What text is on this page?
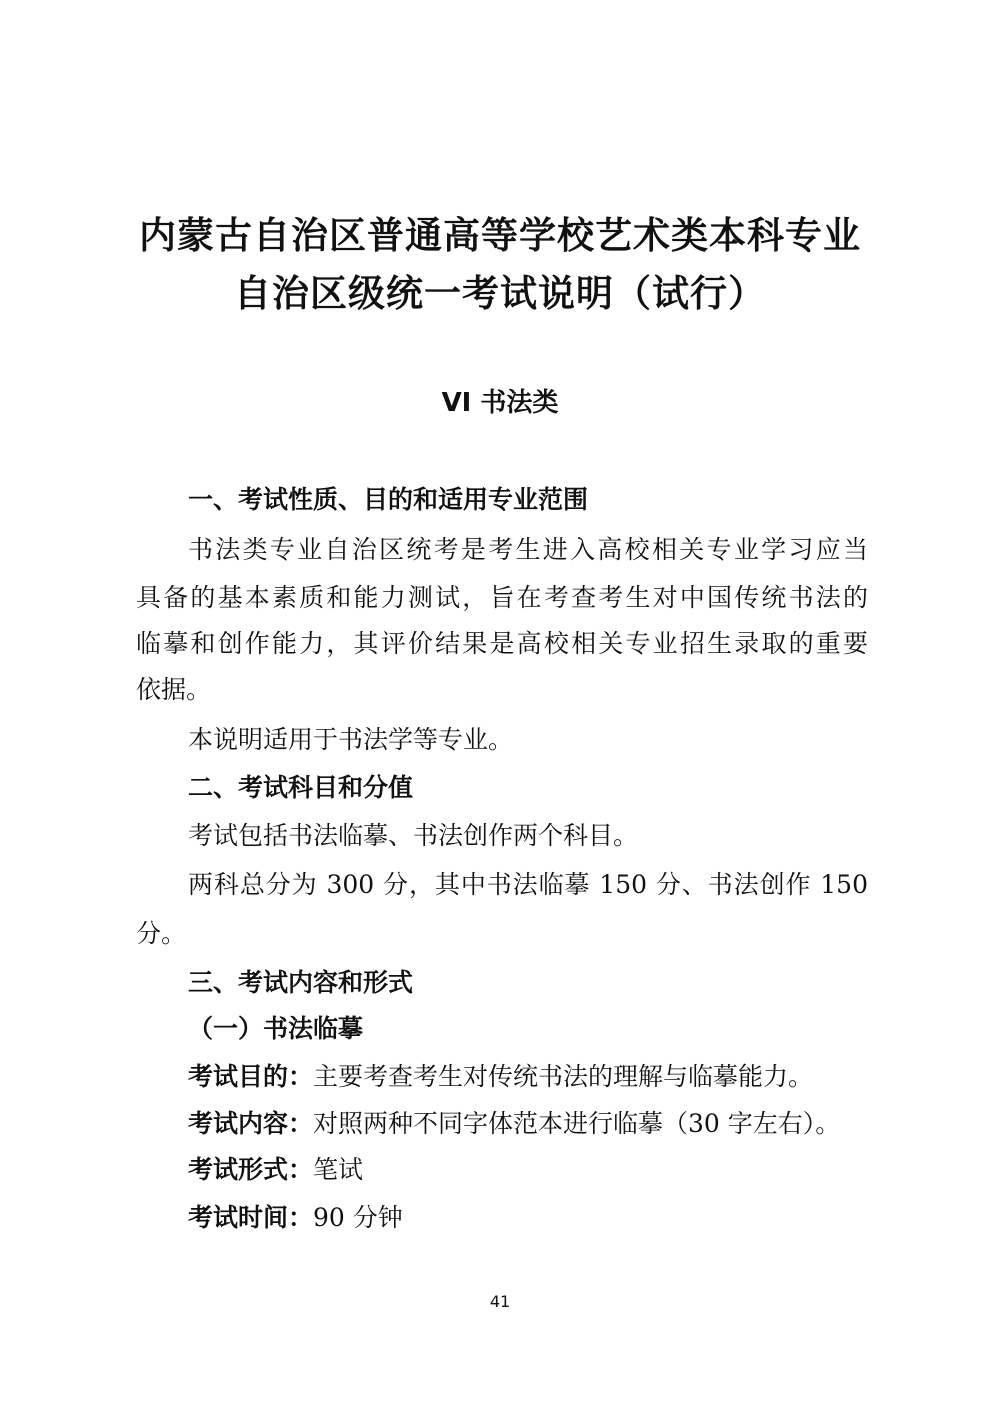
内蒙古自治区普通高等学校艺术类本科专业
自治区级统一考试说明（试行）
VI 书法类

一、考试性质、目的和适用专业范围

书法类专业自治区统考是考生进入高校相关专业学习应当

具备的基本素质和能力测试，旨在考查考生对中国传统书法的

临摹和创作能力，其评价结果是高校相关专业招生录取的重要

依据。

本说明适用于书法学等专业。

二、考试科目和分值

考试包括书法临摹、书法创作两个科目。

两科总分为 300 分，其中书法临摹 150 分、书法创作 150

分。

三、考试内容和形式

（一）书法临摹

考试目的：主要考查考生对传统书法的理解与临摹能力。

考试内容：对照两种不同字体范本进行临摹（30 字左右）。

考试形式：笔试

考试时间：90 分钟

41
